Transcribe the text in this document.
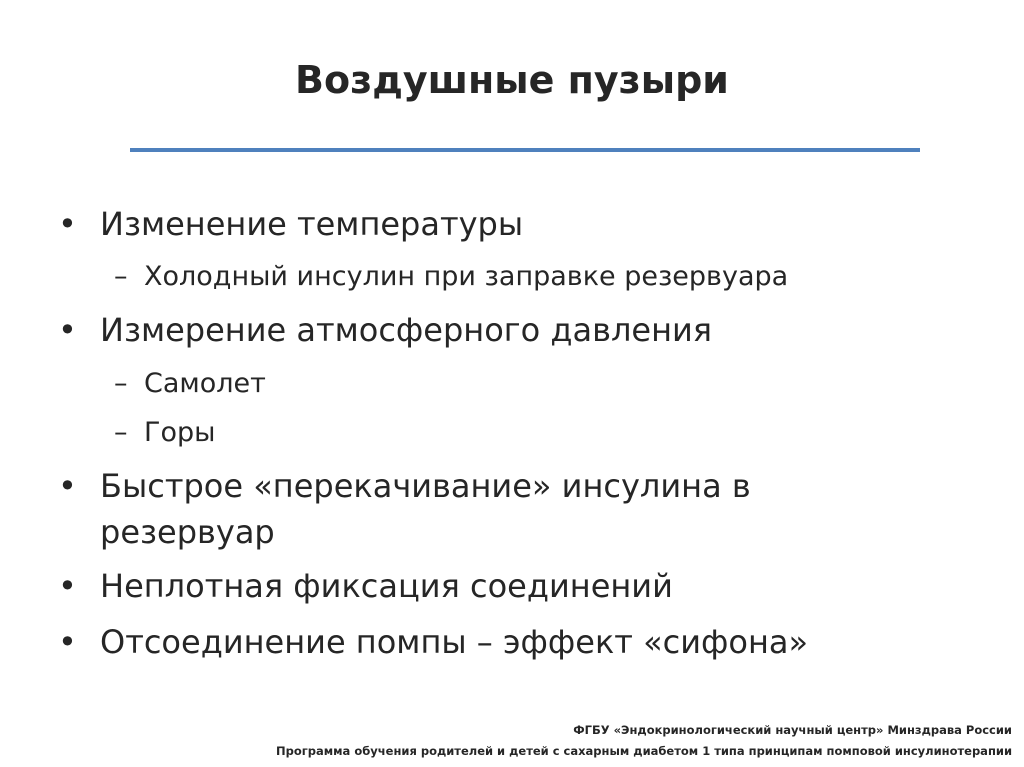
Воздушные пузыри
• Изменение температуры
– Холодный инсулин при заправке резервуара
• Измерение атмосферного давления
– Самолет
– Горы
• Быстрое «перекачивание» инсулина в
резервуар
• Неплотная фиксация соединений
• Отсоединение помпы – эффект «сифона»
ФГБУ «Эндокринологический научный центр» Минздрава России
Программа обучения родителей и детей с сахарным диабетом 1 типа принципам помповой инсулинотерапии
